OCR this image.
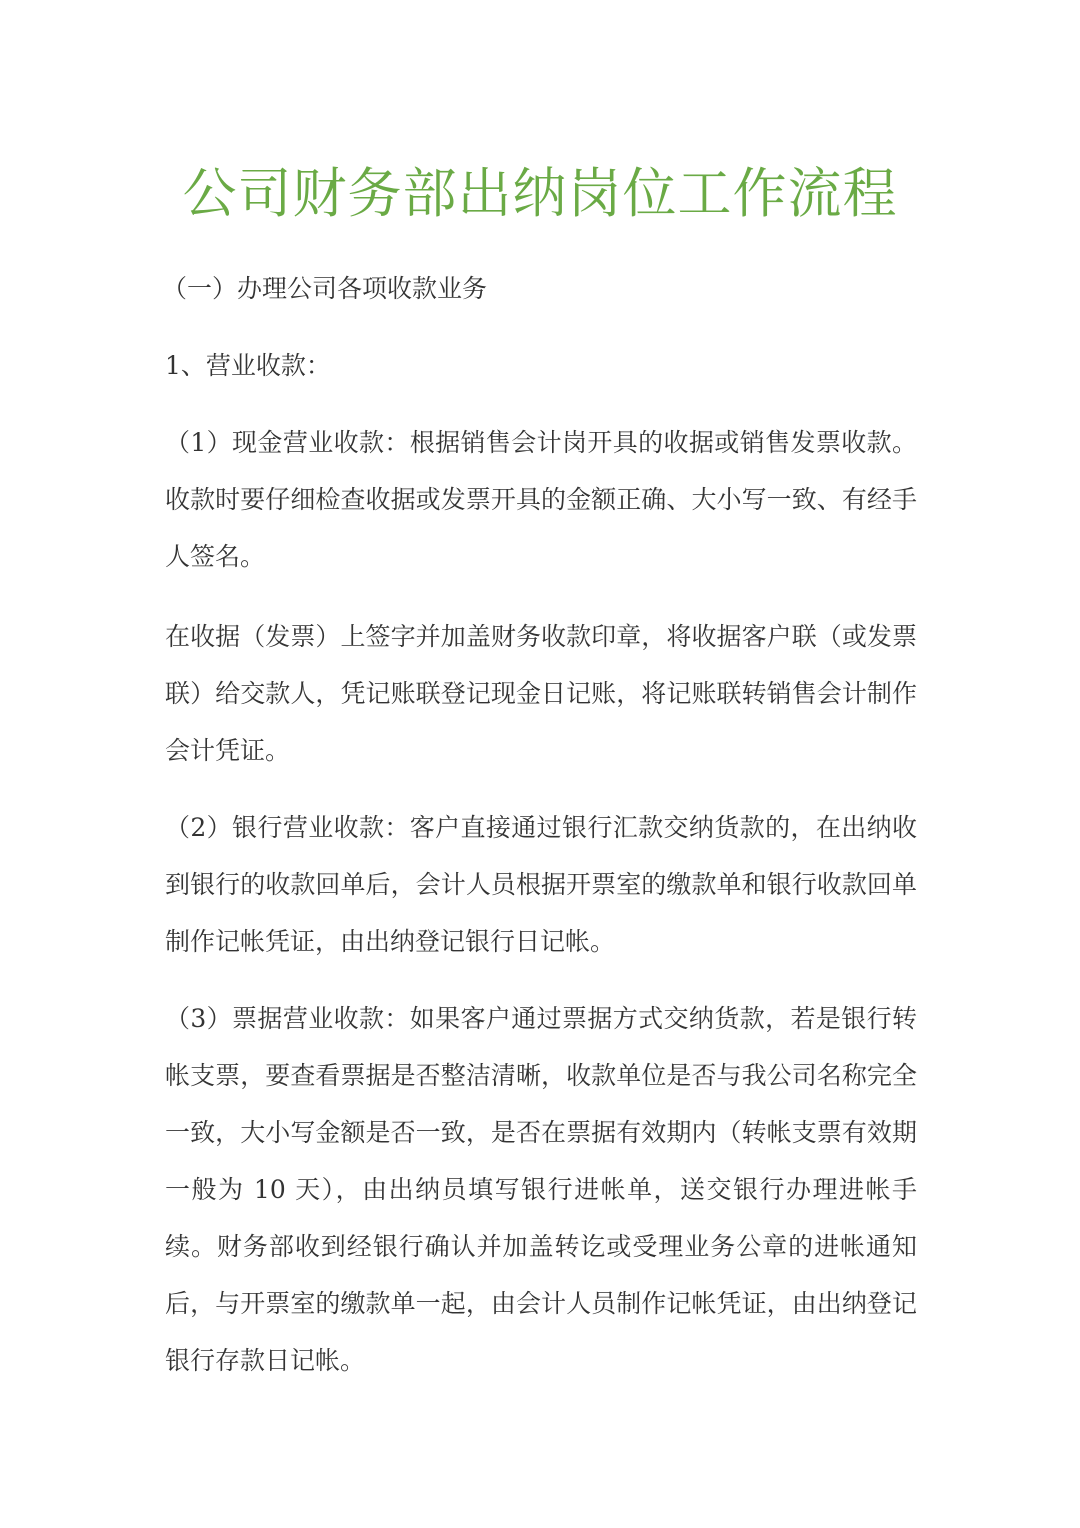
公司财务部出纳岗位工作流程

（一）办理公司各项收款业务

1、营业收款：

（1）现金营业收款：根据销售会计岗开具的收据或销售发票收款。收款时要仔细检查收据或发票开具的金额正确、大小写一致、有经手人签名。

在收据（发票）上签字并加盖财务收款印章，将收据客户联（或发票联）给交款人，凭记账联登记现金日记账，将记账联转销售会计制作会计凭证。

（2）银行营业收款：客户直接通过银行汇款交纳货款的，在出纳收到银行的收款回单后，会计人员根据开票室的缴款单和银行收款回单制作记帐凭证，由出纳登记银行日记帐。

（3）票据营业收款：如果客户通过票据方式交纳货款，若是银行转帐支票，要查看票据是否整洁清晰，收款单位是否与我公司名称完全一致，大小写金额是否一致，是否在票据有效期内（转帐支票有效期一般为 10 天），由出纳员填写银行进帐单，送交银行办理进帐手续。财务部收到经银行确认并加盖转讫或受理业务公章的进帐通知后，与开票室的缴款单一起，由会计人员制作记帐凭证，由出纳登记银行存款日记帐。
